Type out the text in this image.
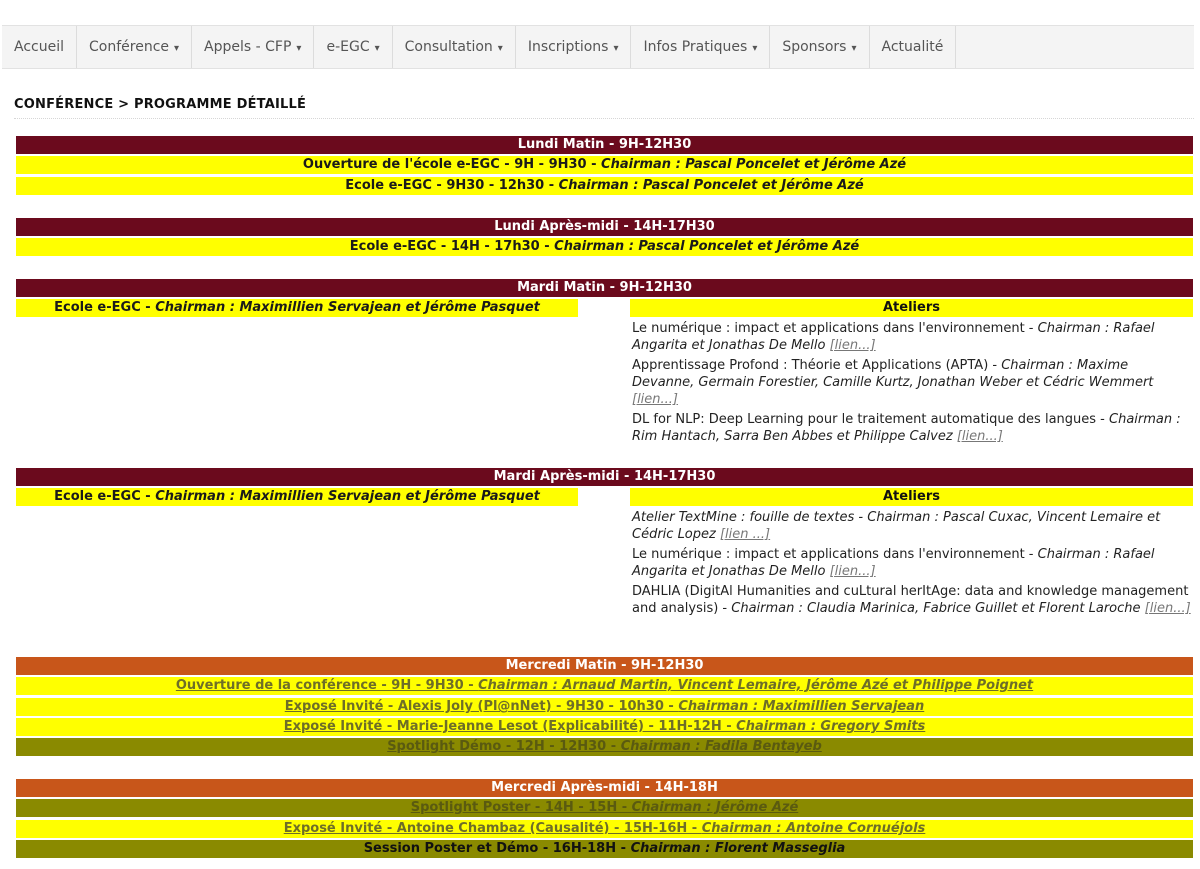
Accueil	Conférence ▾	Appels - CFP ▾	e-EGC ▾	Consultation ▾	Inscriptions ▾	Infos Pratiques ▾	Sponsors ▾	Actualité
CONFÉRENCE > PROGRAMME DÉTAILLÉ
Lundi Matin - 9H-12H30
Ouverture de l'école e-EGC - 9H - 9H30 - Chairman : Pascal Poncelet et Jérôme Azé
Ecole e-EGC - 9H30 - 12h30 - Chairman : Pascal Poncelet et Jérôme Azé
Lundi Après-midi - 14H-17H30
Ecole e-EGC - 14H - 17h30 - Chairman : Pascal Poncelet et Jérôme Azé
Mardi Matin - 9H-12H30
Ecole e-EGC - Chairman : Maximillien Servajean et Jérôme Pasquet	Ateliers
Le numérique : impact et applications dans l'environnement - Chairman : Rafael Angarita et Jonathas De Mello [lien...]
Apprentissage Profond : Théorie et Applications (APTA) - Chairman : Maxime Devanne, Germain Forestier, Camille Kurtz, Jonathan Weber et Cédric Wemmert [lien...]
DL for NLP: Deep Learning pour le traitement automatique des langues - Chairman : Rim Hantach, Sarra Ben Abbes et Philippe Calvez [lien...]
Mardi Après-midi - 14H-17H30
Ecole e-EGC - Chairman : Maximillien Servajean et Jérôme Pasquet	Ateliers
Atelier TextMine : fouille de textes - Chairman : Pascal Cuxac, Vincent Lemaire et Cédric Lopez [lien ...]
Le numérique : impact et applications dans l'environnement - Chairman : Rafael Angarita et Jonathas De Mello [lien...]
DAHLIA (DigitAl Humanities and cuLtural herItAge: data and knowledge management and analysis) - Chairman : Claudia Marinica, Fabrice Guillet et Florent Laroche [lien...]
Mercredi Matin - 9H-12H30
Ouverture de la conférence - 9H - 9H30 - Chairman : Arnaud Martin, Vincent Lemaire, Jérôme Azé et Philippe Poignet
Exposé Invité - Alexis Joly (Pl@nNet) - 9H30 - 10h30 - Chairman : Maximillien Servajean
Exposé Invité - Marie-Jeanne Lesot (Explicabilité) - 11H-12H - Chairman : Gregory Smits
Spotlight Démo - 12H - 12H30 - Chairman : Fadila Bentayeb
Mercredi Après-midi - 14H-18H
Spotlight Poster - 14H - 15H - Chairman : Jérôme Azé
Exposé Invité - Antoine Chambaz (Causalité) - 15H-16H - Chairman : Antoine Cornuéjols
Session Poster et Démo - 16H-18H - Chairman : Florent Masseglia
